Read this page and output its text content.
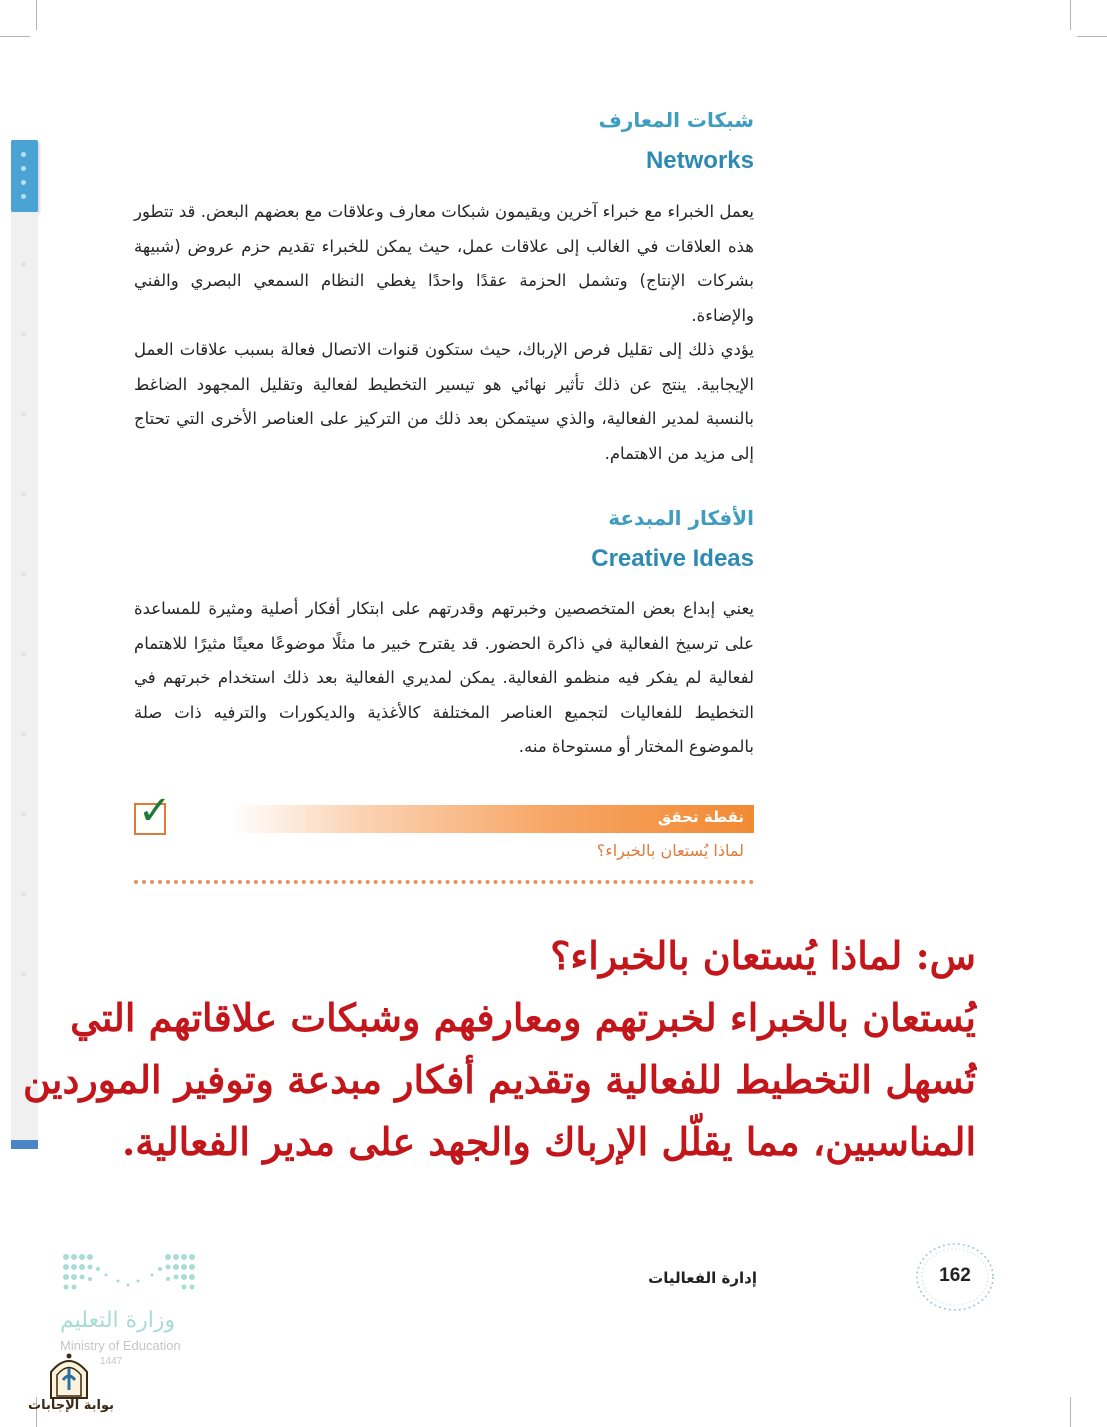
شبكات المعارف
Networks

يعمل الخبراء مع خبراء آخرين ويقيمون شبكات معارف وعلاقات مع بعضهم البعض. قد تتطور هذه العلاقات في الغالب إلى علاقات عمل، حيث يمكن للخبراء تقديم حزم عروض (شبيهة بشركات الإنتاج) وتشمل الحزمة عقدًا واحدًا يغطي النظام السمعي البصري والفني والإضاءة.

يؤدي ذلك إلى تقليل فرص الإرباك، حيث ستكون قنوات الاتصال فعالة بسبب علاقات العمل الإيجابية. ينتج عن ذلك تأثير نهائي هو تيسير التخطيط لفعالية وتقليل المجهود الضاغط بالنسبة لمدير الفعالية، والذي سيتمكن بعد ذلك من التركيز على العناصر الأخرى التي تحتاج إلى مزيد من الاهتمام.

الأفكار المبدعة
Creative Ideas

يعني إبداع بعض المتخصصين وخبرتهم وقدرتهم على ابتكار أفكار أصلية ومثيرة للمساعدة على ترسيخ الفعالية في ذاكرة الحضور. قد يقترح خبير ما مثلًا موضوعًا معينًا مثيرًا للاهتمام لفعالية لم يفكر فيه منظمو الفعالية. يمكن لمديري الفعالية بعد ذلك استخدام خبرتهم في التخطيط للفعاليات لتجميع العناصر المختلفة كالأغذية والديكورات والترفيه ذات صلة بالموضوع المختار أو مستوحاة منه.

نقطة تحقق
✓
لماذا يُستعان بالخبراء؟
س: لماذا يُستعان بالخبراء؟
يُستعان بالخبراء لخبرتهم ومعارفهم وشبكات علاقاتهم التي
تُسهل التخطيط للفعالية وتقديم أفكار مبدعة وتوفير الموردين
المناسبين، مما يقلّل الإرباك والجهد على مدير الفعالية.
إدارة الفعاليات	162
وزارة التعليم
Ministry of Education
1447
بوابة الإجابات
